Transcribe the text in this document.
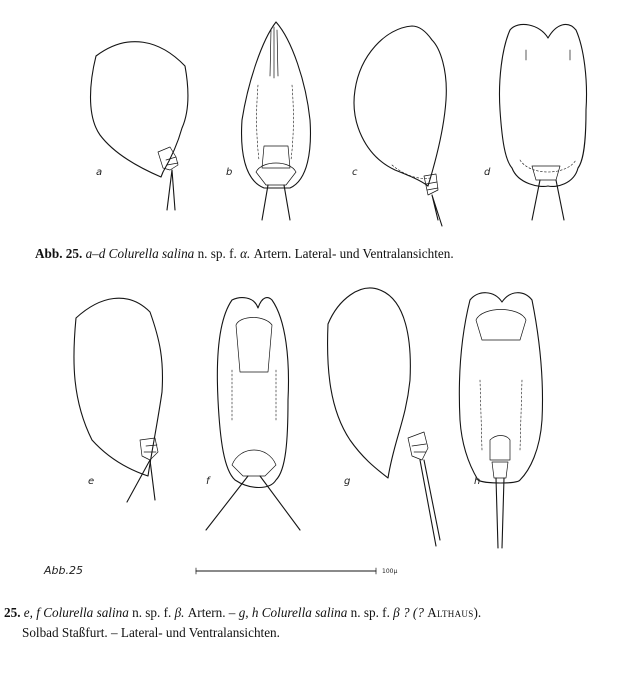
a	b	c	d
e	f	g	h
Abb.25	100μ
Abb. 25. a–d Colurella salina n. sp. f. α. Artern. Lateral- und Ventralansichten.
25. e, f Colurella salina n. sp. f. β. Artern. – g, h Colurella salina n. sp. f. β ? (? Althaus).
Solbad Staßfurt. – Lateral- und Ventralansichten.
